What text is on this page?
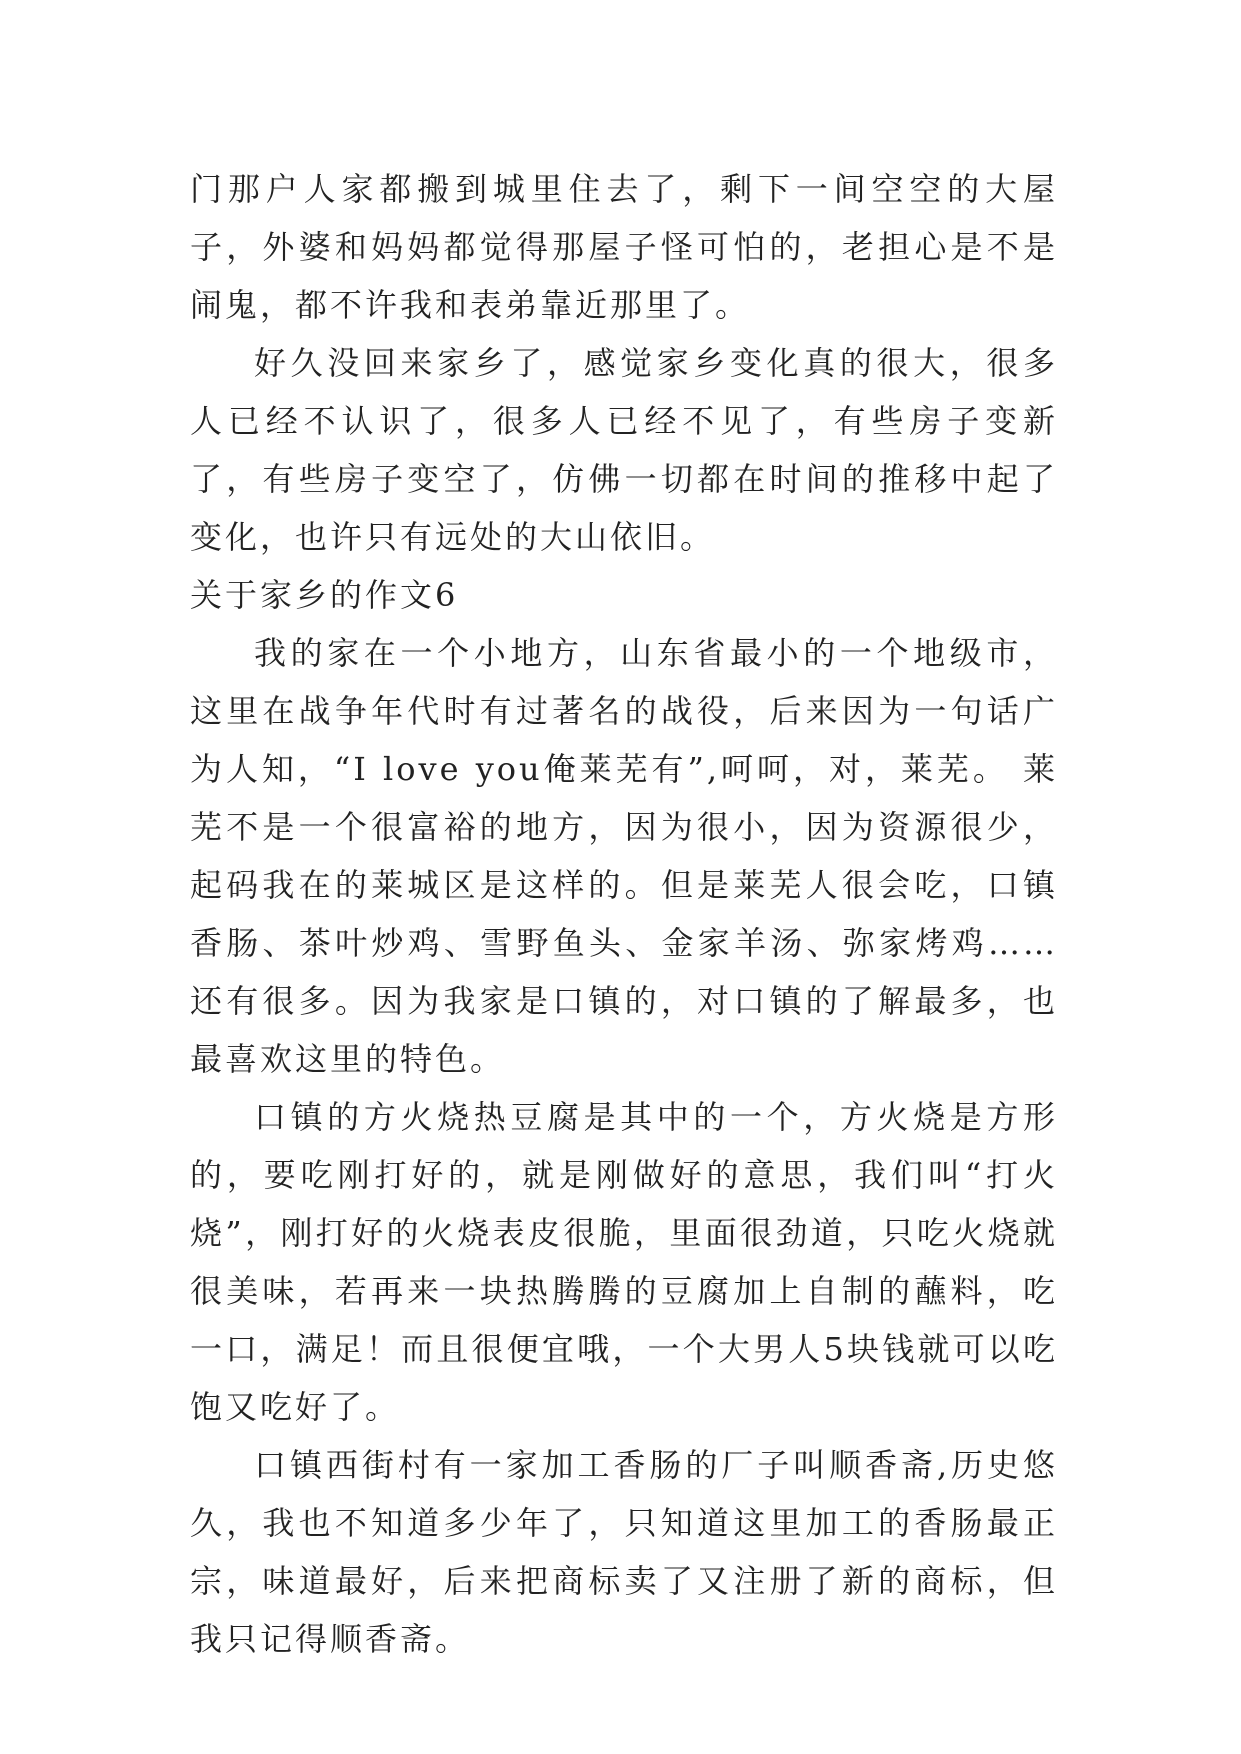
门那户人家都搬到城里住去了，剩下一间空空的大屋子，外婆和妈妈都觉得那屋子怪可怕的，老担心是不是闹鬼，都不许我和表弟靠近那里了。

好久没回来家乡了，感觉家乡变化真的很大，很多人已经不认识了，很多人已经不见了，有些房子变新了，有些房子变空了，仿佛一切都在时间的推移中起了变化，也许只有远处的大山依旧。

关于家乡的作文6

我的家在一个小地方，山东省最小的一个地级市，这里在战争年代时有过著名的战役，后来因为一句话广为人知，“I love you俺莱芜有”,呵呵，对，莱芜。 莱芜不是一个很富裕的地方，因为很小，因为资源很少，起码我在的莱城区是这样的。但是莱芜人很会吃，口镇香肠、茶叶炒鸡、雪野鱼头、金家羊汤、弥家烤鸡……还有很多。因为我家是口镇的，对口镇的了解最多，也最喜欢这里的特色。

口镇的方火烧热豆腐是其中的一个，方火烧是方形的，要吃刚打好的，就是刚做好的意思，我们叫“打火烧”，刚打好的火烧表皮很脆，里面很劲道，只吃火烧就很美味，若再来一块热腾腾的豆腐加上自制的蘸料，吃一口，满足！而且很便宜哦，一个大男人5块钱就可以吃饱又吃好了。

口镇西街村有一家加工香肠的厂子叫顺香斋,历史悠久，我也不知道多少年了，只知道这里加工的香肠最正宗，味道最好，后来把商标卖了又注册了新的商标，但我只记得顺香斋。
